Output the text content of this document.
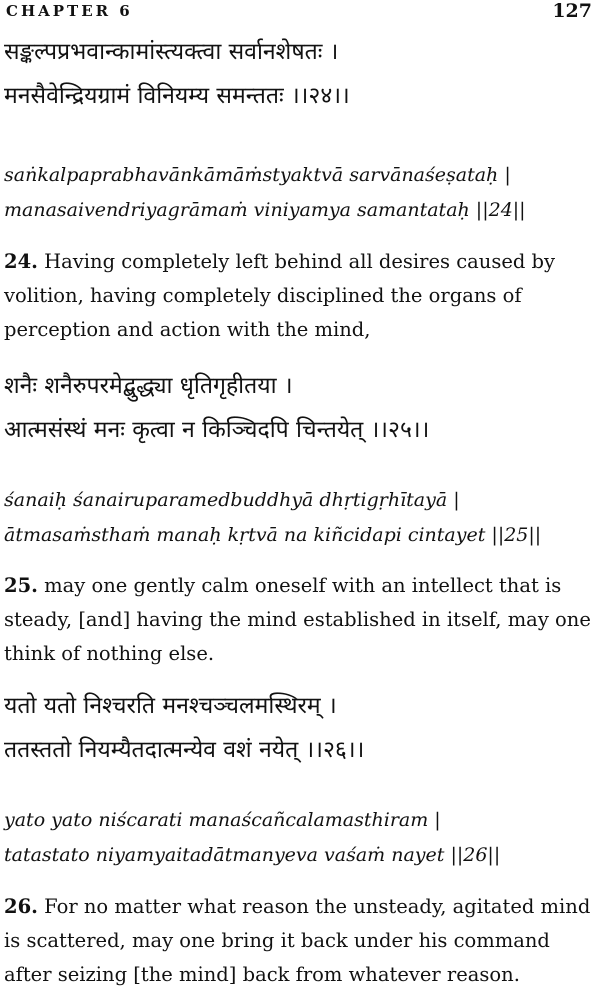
CHAPTER 6	127
सङ्कल्पप्रभवान्कामांस्त्यक्त्वा सर्वानशेषतः ।
मनसैवेन्द्रियग्रामं विनियम्य समन्ततः ।।२४।।
saṅkalpaprabhavānkāmāṁstyaktvā sarvānaśeṣataḥ |
manasaivendriyagrāmaṁ viniyamya samantataḥ ||24||
24. Having completely left behind all desires caused by
volition, having completely disciplined the organs of
perception and action with the mind,
शनैः शनैरुपरमेद्बुद्ध्या धृतिगृहीतया ।
आत्मसंस्थं मनः कृत्वा न किञ्चिदपि चिन्तयेत् ।।२५।।
śanaiḥ śanairuparamedbuddhyā dhṛtigṛhītayā |
ātmasaṁsthaṁ manaḥ kṛtvā na kiñcidapi cintayet ||25||
25. may one gently calm oneself with an intellect that is
steady, [and] having the mind established in itself, may one
think of nothing else.
यतो यतो निश्चरति मनश्चञ्चलमस्थिरम् ।
ततस्ततो नियम्यैतदात्मन्येव वशं नयेत् ।।२६।।
yato yato niścarati manaścañcalamasthiram |
tatastato niyamyaitadātmanyeva vaśaṁ nayet ||26||
26. For no matter what reason the unsteady, agitated mind
is scattered, may one bring it back under his command
after seizing [the mind] back from whatever reason.
